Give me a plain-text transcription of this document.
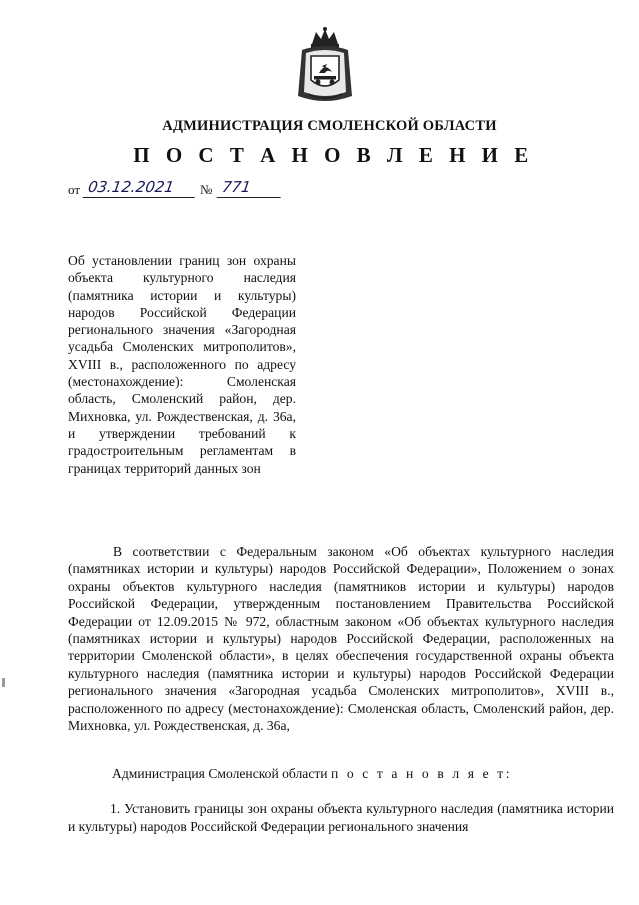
АДМИНИСТРАЦИЯ СМОЛЕНСКОЙ ОБЛАСТИ
П О С Т А Н О В Л Е Н И Е
от 03.12.2021	№ 771
Об установлении границ зон охраны объекта культурного наследия (памятника истории и культуры) народов Российской Федерации регионального значения «Загородная усадьба Смоленских митрополитов», XVIII в., расположенного по адресу (местонахождение): Смоленская область, Смоленский район, дер. Михновка, ул. Рождественская, д. 36а, и утверждении требований к градостроительным регламентам в границах территорий данных зон

В соответствии с Федеральным законом «Об объектах культурного наследия (памятниках истории и культуры) народов Российской Федерации», Положением о зонах охраны объектов культурного наследия (памятников истории и культуры) народов Российской Федерации, утвержденным постановлением Правительства Российской Федерации от 12.09.2015 № 972, областным законом «Об объектах культурного наследия (памятниках истории и культуры) народов Российской Федерации, расположенных на территории Смоленской области», в целях обеспечения государственной охраны объекта культурного наследия (памятника истории и культуры) народов Российской Федерации регионального значения «Загородная усадьба Смоленских митрополитов», XVIII в., расположенного по адресу (местонахождение): Смоленская область, Смоленский район, дер. Михновка, ул. Рождественская, д. 36а,

Администрация Смоленской области п о с т а н о в л я е т:

1. Установить границы зон охраны объекта культурного наследия (памятника истории и культуры) народов Российской Федерации регионального значения
